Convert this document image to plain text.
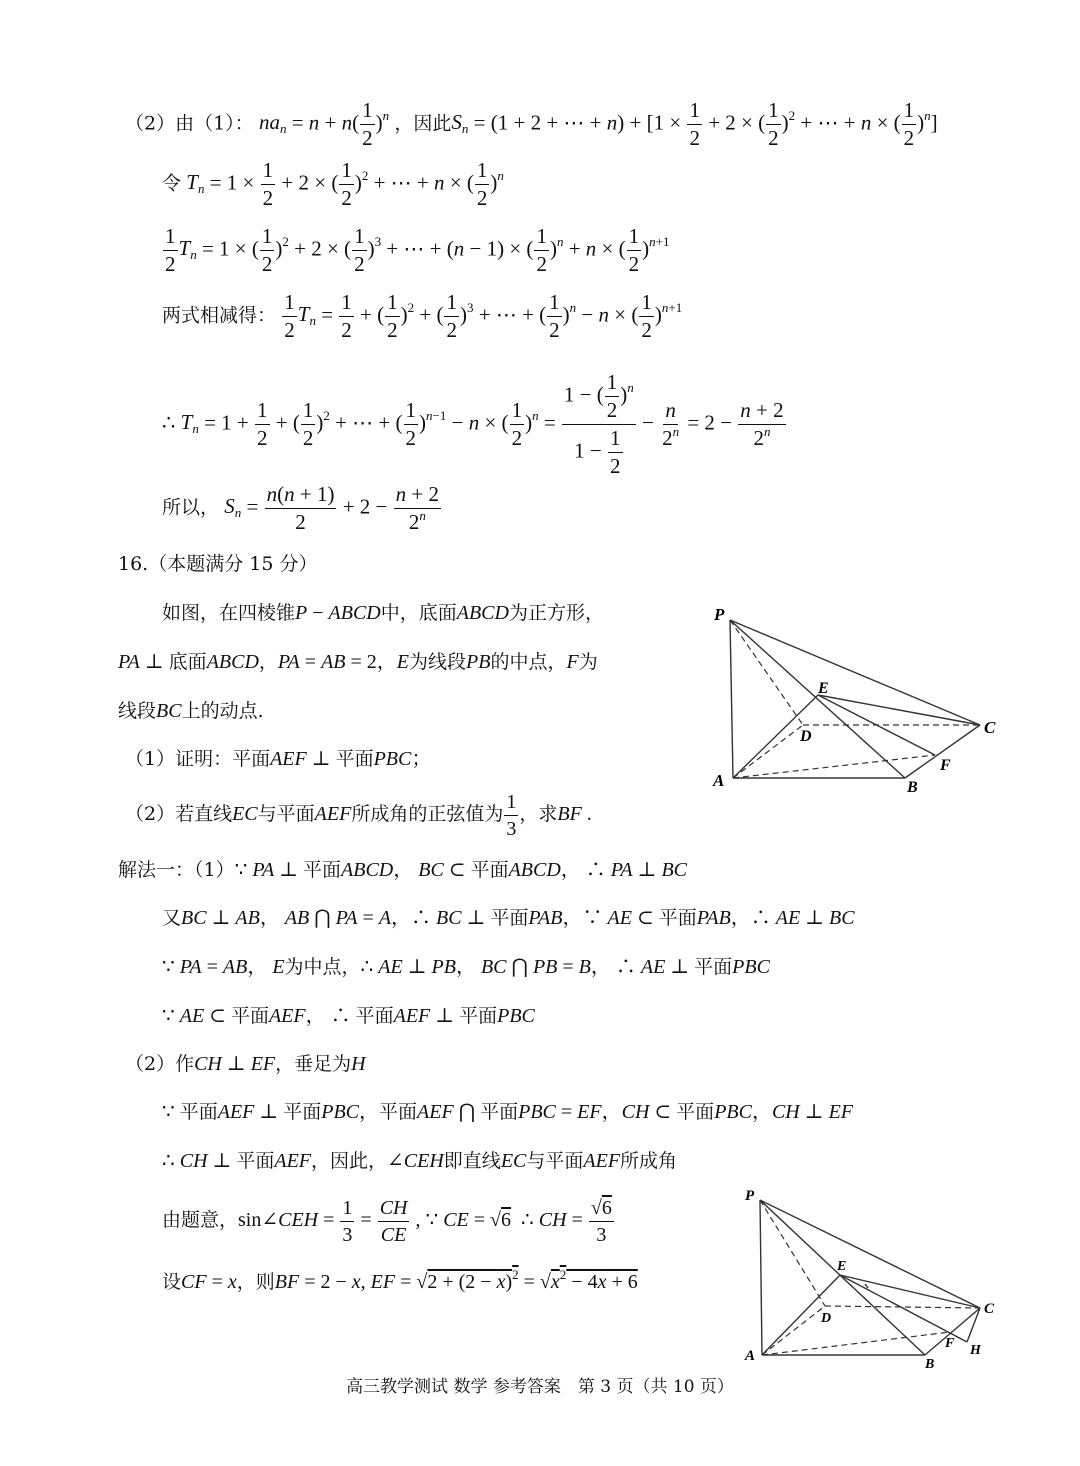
（2）由（1）： $na_n = n + n( \frac{1}{2} )^n$ ，因此$S_n = (1 + 2$ + ⋯ + $n) + [1 \times \frac{1}{2} + 2$ × ( $\frac{1}{2} )^2$ + ⋯ + n × ( $\frac{1}{2} )^n$]
令 $T_n = 1 \times \frac{1}{2} + 2$ × ( $\frac{1}{2} )^2$ + ⋯ + n × ( $\frac{1}{2} )^n$
$\frac{1}{2} T_n = 1$ × ( $\frac{1}{2} )^2 + 2$ × ( $\frac{1}{2} )^3$ + ⋯ + (n − 1) × ( $\frac{1}{2} )^n + n$ × ( $\frac{1}{2} )^{n+1}$
两式相减得： $\frac{1}{2} T_n = \frac{1}{2}$ + ( $\frac{1}{2} )^2$ + ( $\frac{1}{2} )^3$ + ⋯ + ( $\frac{1}{2} )^n - n$ × ( $\frac{1}{2} )^{n+1}$
∴ $T_n = 1 + \frac{1}{2}$ + ( $\frac{1}{2} )^2$ + ⋯ + ( $\frac{1}{2} )^{n-1} - n$ × ( $\frac{1}{2} )^n = \frac{1 - ( \frac{1}{2} )^n}{1 - \frac{1}{2}} - \frac{n}{2^n} = 2 - \frac{n + 2}{2^n}$
所以， $S_n = \frac{n(n + 1)}{2} + 2 - \frac{n + 2}{2^n}$
16.（本题满分 15 分）
如图，在四棱锥P − ABCD中，底面ABCD为正方形，
PA ⊥ 底面ABCD，PA = AB = 2，E为线段PB的中点，F为
线段BC上的动点.
（1）证明：平面AEF ⊥ 平面PBC；
（2）若直线EC与平面AEF所成角的正弦值为 $\frac{1}{3}$ ，求BF .
P
E
C
D
A	B
F
解法一：（1）∵ PA ⊥ 平面ABCD， BC ⊂ 平面ABCD， ∴ PA ⊥ BC
又BC ⊥ AB， AB ⋂ PA = A，∴ BC ⊥ 平面PAB，∵ AE ⊂ 平面PAB，∴ AE ⊥ BC
∵ PA = AB， E为中点，∴ AE ⊥ PB， BC ⋂ PB = B， ∴ AE ⊥ 平面PBC
∵ AE ⊂ 平面AEF， ∴ 平面AEF ⊥ 平面PBC
（2）作CH ⊥ EF，垂足为H
∵ 平面AEF ⊥ 平面PBC，平面AEF ⋂ 平面PBC = EF，CH ⊂ 平面PBC，CH ⊥ EF
∴ CH ⊥ 平面AEF，因此，∠CEH即直线EC与平面AEF所成角
由题意，sin∠CEH = $\frac{1}{3} = \frac{CH}{CE}$ , ∵ CE = √6  ∴ CH = $\frac{√6}{3}$
设CF = x，则BF = 2 − x, EF = $√2 + (2 - x)^2 = √x^2 - 4x + 6$
P
E
C
D
A
B
F H
高三教学测试 数学 参考答案　第 3 页（共 10 页）
